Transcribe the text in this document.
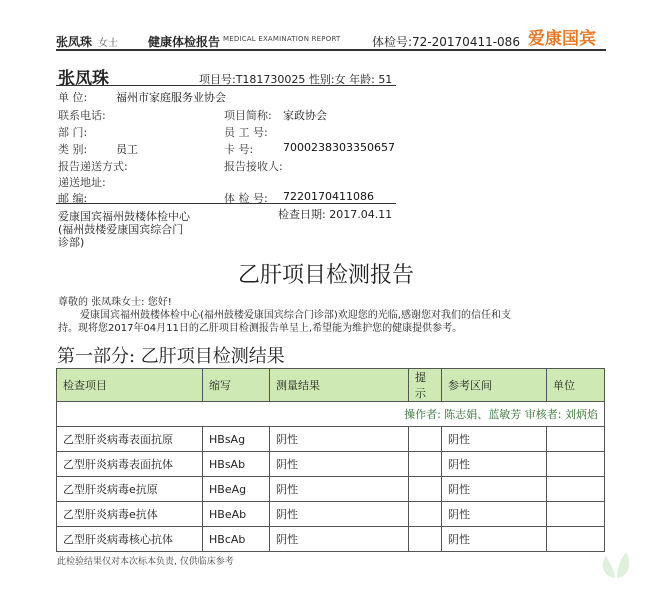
张凤珠 女士	健康体检报告 MEDICAL EXAMINATION REPORT	体检号:72-20170411-086 爱康国宾
张凤珠	项目号:T181730025 性别:女 年龄: 51
单 位:	福州市家庭服务业协会
联系电话:	项目简称: 家政协会
部 门:	员 工 号:
类 别:	员工	卡 号:	7000238303350657
报告递送方式:	报告接收人:
递送地址:
邮 编:	体 检 号: 7220170411086
爱康国宾福州鼓楼体检中心
(福州鼓楼爱康国宾综合门
诊部)
检查日期: 2017.04.11
乙肝项目检测报告
尊敬的 张凤珠女士: 您好!
爱康国宾福州鼓楼体检中心(福州鼓楼爱康国宾综合门诊部)欢迎您的光临,感谢您对我们的信任和支
持。现将您2017年04月11日的乙肝项目检测报告单呈上,希望能为维护您的健康提供参考。
第一部分: 乙肝项目检测结果
操作者: 陈志娟、蓝敏芳 审核者: 刘炳焰					
检查项目	缩写	测量结果	提示	参考区间	单位
乙型肝炎病毒表面抗原	HBsAg	阴性		阴性	
乙型肝炎病毒表面抗体	HBsAb	阴性		阴性	
乙型肝炎病毒e抗原	HBeAg	阴性		阴性	
乙型肝炎病毒e抗体	HBeAb	阴性		阴性	
乙型肝炎病毒核心抗体	HBcAb	阴性		阴性	
此检验结果仅对本次标本负责, 仅供临床参考
